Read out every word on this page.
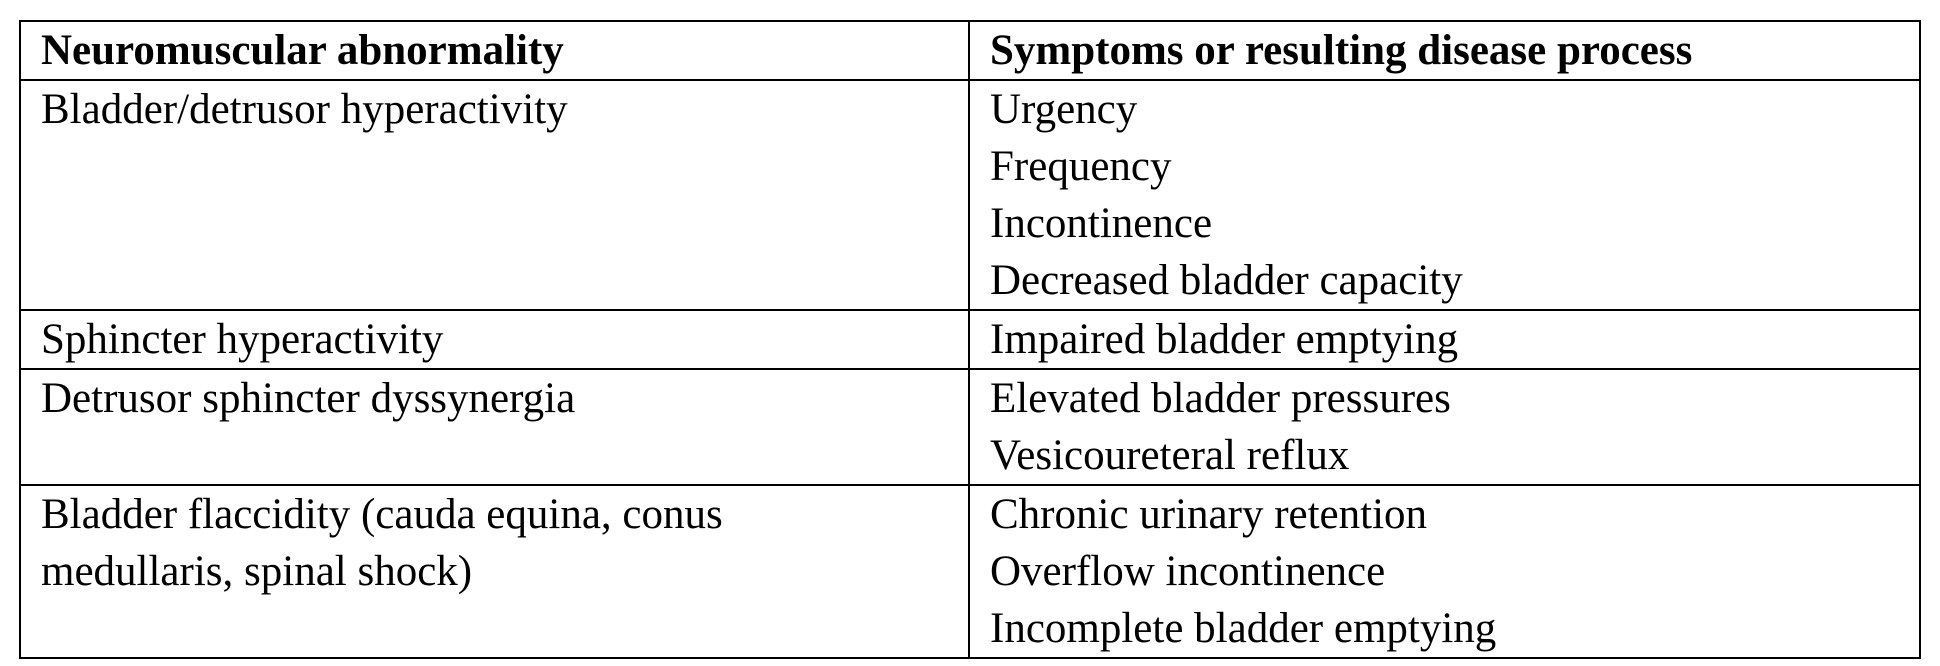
Neuromuscular abnormality	Symptoms or resulting disease process

Bladder/detrusor hyperactivity	Urgency
Frequency
Incontinence
Decreased bladder capacity

Sphincter hyperactivity	Impaired bladder emptying

Detrusor sphincter dyssynergia	Elevated bladder pressures
Vesicoureteral reflux

Bladder flaccidity (cauda equina, conus
medullaris, spinal shock)	Chronic urinary retention
Overflow incontinence
Incomplete bladder emptying
